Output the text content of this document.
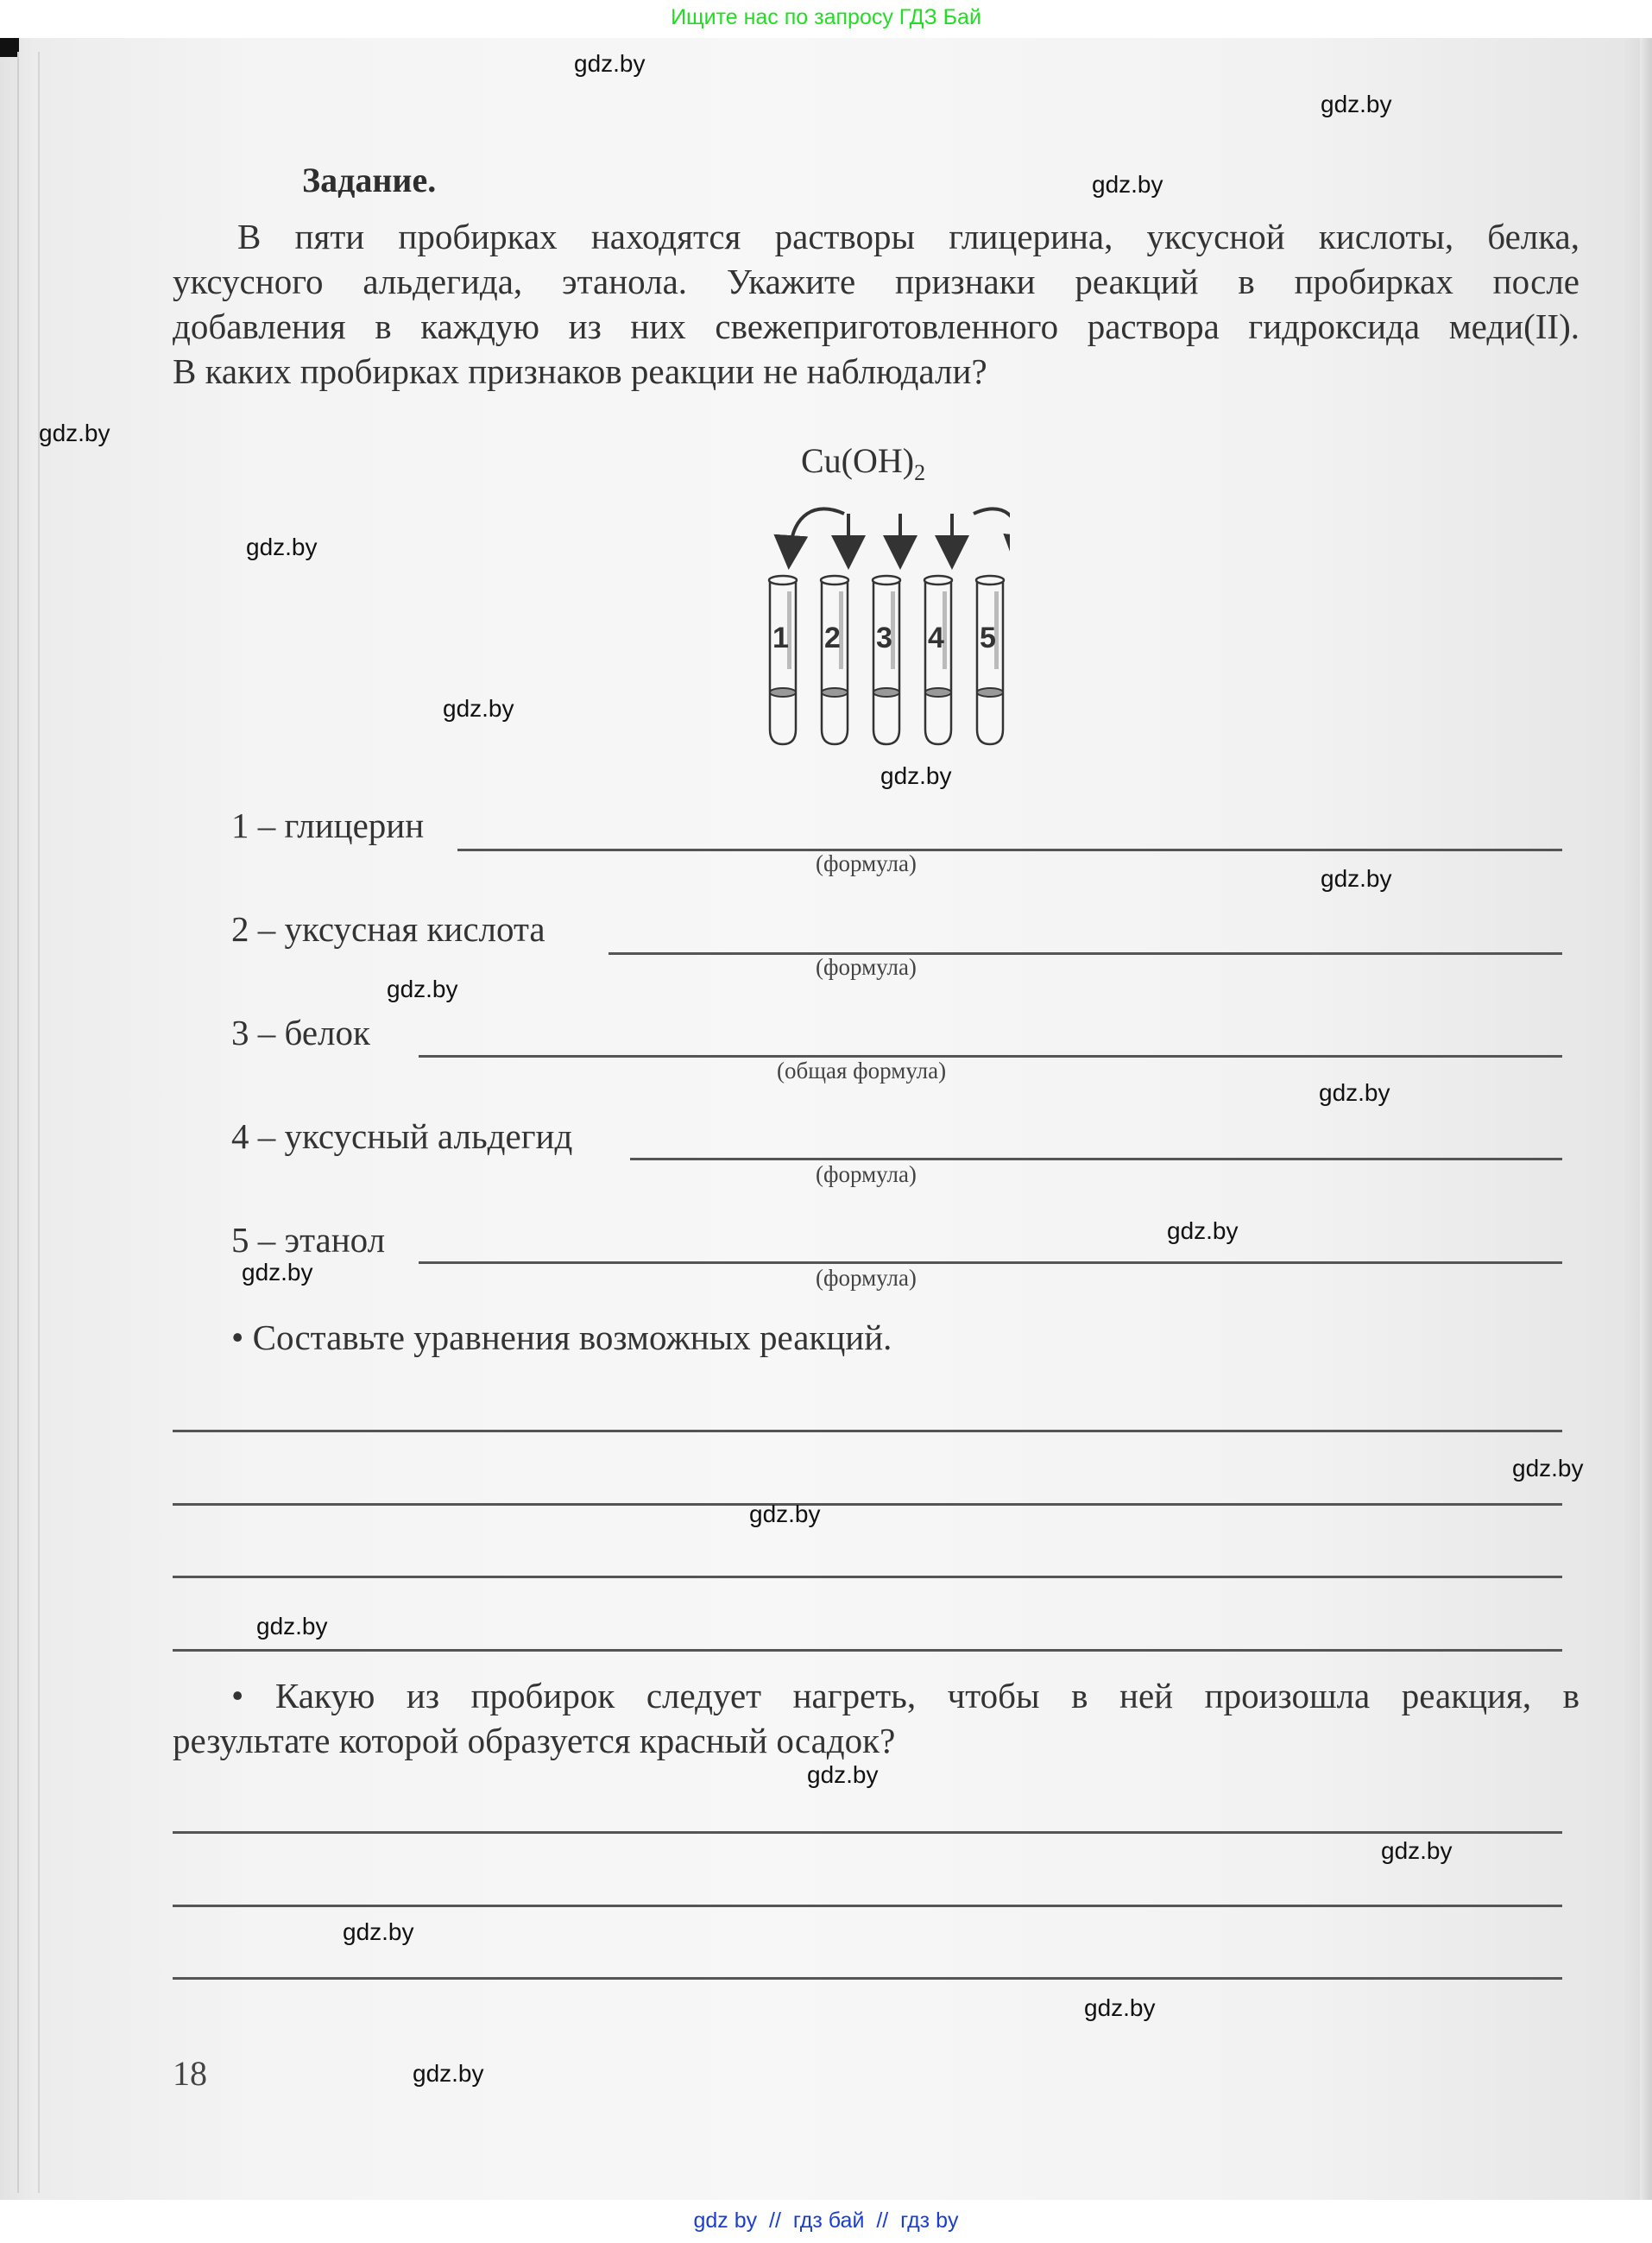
Ищите нас по запросу ГДЗ Бай
Задание.
В пяти пробирках находятся растворы глицерина, уксусной кислоты, белка,
уксусного альдегида, этанола. Укажите признаки реакций в пробирках после
добавления в каждую из них свежеприготовленного раствора гидроксида меди(II).
В каких пробирках признаков реакции не наблюдали?
$Cu(OH)_2$
1 2 3 4 5
1 – глицерин
(формула)
2 – уксусная кислота
(формула)
3 – белок
(общая формула)
4 – уксусный альдегид
(формула)
5 – этанол
(формула)
• Составьте уравнения возможных реакций.
• Какую из пробирок следует нагреть, чтобы в ней произошла реакция, в
результате которой образуется красный осадок?
18
gdz.by
gdz.by
gdz.by
gdz.by
gdz.by
gdz.by
gdz.by
gdz.by
gdz.by
gdz.by
gdz.by
gdz.by
gdz.by
gdz.by
gdz.by
gdz.by
gdz.by
gdz.by
gdz.by
gdz.by
gdz by  //  гдз бай  //  гдз by
